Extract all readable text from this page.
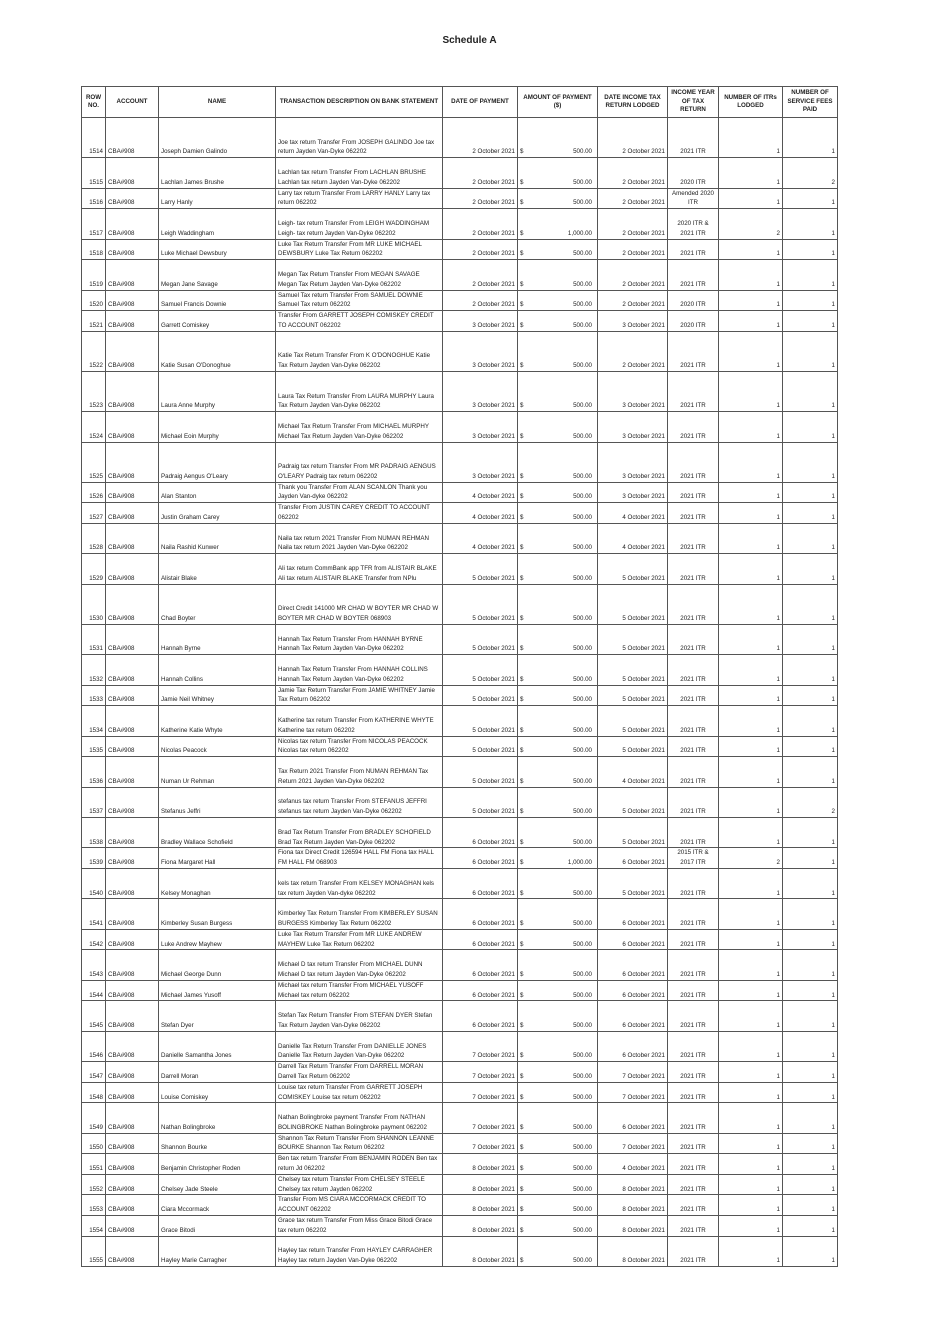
Schedule A
ROW NO.	ACCOUNT	NAME	TRANSACTION DESCRIPTION ON BANK STATEMENT	DATE OF PAYMENT	AMOUNT OF PAYMENT ($)	DATE INCOME TAX RETURN LODGED	INCOME YEAR OF TAX RETURN	NUMBER OF ITRs LODGED	NUMBER OF SERVICE FEES PAID
1514	CBA#908	Joseph Damien Galindo	Joe tax return Transfer From JOSEPH GALINDO Joe tax return Jayden Van-Dyke 062202	2 October 2021	$ 500.00	2 October 2021	2021 ITR	1	1
1515	CBA#908	Lachlan James Brushe	Lachlan tax return Transfer From LACHLAN BRUSHE Lachlan tax return Jayden Van-Dyke 062202	2 October 2021	$ 500.00	2 October 2021	2020 ITR	1	2
1516	CBA#908	Larry Hanly	Larry tax return Transfer From LARRY HANLY Larry tax return 062202	2 October 2021	$ 500.00	2 October 2021	Amended 2020 ITR	1	1
1517	CBA#908	Leigh Waddingham	Leigh- tax return Transfer From LEIGH WADDINGHAM Leigh- tax return Jayden Van-Dyke 062202	2 October 2021	$ 1,000.00	2 October 2021	2020 ITR & 2021 ITR	2	1
1518	CBA#908	Luke Michael Dewsbury	Luke Tax Return Transfer From MR LUKE MICHAEL DEWSBURY Luke Tax Return 062202	2 October 2021	$ 500.00	2 October 2021	2021 ITR	1	1
1519	CBA#908	Megan Jane Savage	Megan Tax Return Transfer From MEGAN SAVAGE Megan Tax Return Jayden Van-Dyke 062202	2 October 2021	$ 500.00	2 October 2021	2021 ITR	1	1
1520	CBA#908	Samuel Francis Downie	Samuel Tax return Transfer From SAMUEL DOWNIE Samuel Tax return 062202	2 October 2021	$ 500.00	2 October 2021	2020 ITR	1	1
1521	CBA#908	Garrett Comiskey	Transfer From GARRETT JOSEPH COMISKEY CREDIT TO ACCOUNT 062202	3 October 2021	$ 500.00	3 October 2021	2020 ITR	1	1
1522	CBA#908	Katie Susan O'Donoghue	Katie Tax Return Transfer From K O'DONOGHUE Katie Tax Return Jayden Van-Dyke 062202	3 October 2021	$ 500.00	2 October 2021	2021 ITR	1	1
1523	CBA#908	Laura Anne Murphy	Laura Tax Return Transfer From LAURA MURPHY Laura Tax Return Jayden Van-Dyke 062202	3 October 2021	$ 500.00	3 October 2021	2021 ITR	1	1
1524	CBA#908	Michael Eoin Murphy	Michael Tax Return Transfer From MICHAEL MURPHY Michael Tax Return Jayden Van-Dyke 062202	3 October 2021	$ 500.00	3 October 2021	2021 ITR	1	1
1525	CBA#908	Padraig Aengus O'Leary	Padraig tax return Transfer From MR PADRAIG AENGUS O'LEARY Padraig tax return 062202	3 October 2021	$ 500.00	3 October 2021	2021 ITR	1	1
1526	CBA#908	Alan Stanton	Thank you Transfer From ALAN SCANLON Thank you Jayden Van-dyke 062202	4 October 2021	$ 500.00	3 October 2021	2021 ITR	1	1
1527	CBA#908	Justin Graham Carey	Transfer From JUSTIN CAREY CREDIT TO ACCOUNT 062202	4 October 2021	$ 500.00	4 October 2021	2021 ITR	1	1
1528	CBA#908	Naila Rashid Kunwer	Naila tax return 2021 Transfer From NUMAN REHMAN Naila tax return 2021 Jayden Van-Dyke 062202	4 October 2021	$ 500.00	4 October 2021	2021 ITR	1	1
1529	CBA#908	Alistair Blake	Ali tax return CommBank app TFR from ALISTAIR BLAKE Ali tax return ALISTAIR BLAKE Transfer from NPlu	5 October 2021	$ 500.00	5 October 2021	2021 ITR	1	1
1530	CBA#908	Chad Boyter	Direct Credit 141000 MR CHAD W BOYTER MR CHAD W BOYTER MR CHAD W BOYTER 068903	5 October 2021	$ 500.00	5 October 2021	2021 ITR	1	1
1531	CBA#908	Hannah Byrne	Hannah Tax Return Transfer From HANNAH BYRNE Hannah Tax Return Jayden Van-Dyke 062202	5 October 2021	$ 500.00	5 October 2021	2021 ITR	1	1
1532	CBA#908	Hannah Collins	Hannah Tax Return Transfer From HANNAH COLLINS Hannah Tax Return Jayden Van-Dyke 062202	5 October 2021	$ 500.00	5 October 2021	2021 ITR	1	1
1533	CBA#908	Jamie Neil Whitney	Jamie Tax Return Transfer From JAMIE WHITNEY Jamie Tax Return 062202	5 October 2021	$ 500.00	5 October 2021	2021 ITR	1	1
1534	CBA#908	Katherine Katie Whyte	Katherine tax return Transfer From KATHERINE WHYTE Katherine tax return 062202	5 October 2021	$ 500.00	5 October 2021	2021 ITR	1	1
1535	CBA#908	Nicolas Peacock	Nicolas tax return Transfer From NICOLAS PEACOCK Nicolas tax return 062202	5 October 2021	$ 500.00	5 October 2021	2021 ITR	1	1
1536	CBA#908	Numan Ur Rehman	Tax Return 2021 Transfer From NUMAN REHMAN Tax Return 2021 Jayden Van-Dyke 062202	5 October 2021	$ 500.00	4 October 2021	2021 ITR	1	1
1537	CBA#908	Stefanus Jeffri	stefanus tax return Transfer From STEFANUS JEFFRI stefanus tax return Jayden Van-Dyke 062202	5 October 2021	$ 500.00	5 October 2021	2021 ITR	1	2
1538	CBA#908	Bradley Wallace Schofield	Brad Tax Return Transfer From BRADLEY SCHOFIELD Brad Tax Return Jayden Van-Dyke 062202	6 October 2021	$ 500.00	5 October 2021	2021 ITR	1	1
1539	CBA#908	Fiona Margaret Hall	Fiona tax Direct Credit 126594 HALL FM Fiona tax HALL FM HALL FM 068903	6 October 2021	$ 1,000.00	6 October 2021	2015 ITR & 2017 ITR	2	1
1540	CBA#908	Kelsey Monaghan	kels tax return Transfer From KELSEY MONAGHAN kels tax return Jayden Van-dyke 062202	6 October 2021	$ 500.00	5 October 2021	2021 ITR	1	1
1541	CBA#908	Kimberley Susan Burgess	Kimberley Tax Return Transfer From KIMBERLEY SUSAN BURGESS Kimberley Tax Return 062202	6 October 2021	$ 500.00	6 October 2021	2021 ITR	1	1
1542	CBA#908	Luke Andrew Mayhew	Luke Tax Return Transfer From MR LUKE ANDREW MAYHEW Luke Tax Return 062202	6 October 2021	$ 500.00	6 October 2021	2021 ITR	1	1
1543	CBA#908	Michael George Dunn	Michael D tax return Transfer From MICHAEL DUNN Michael D tax return Jayden Van-Dyke 062202	6 October 2021	$ 500.00	6 October 2021	2021 ITR	1	1
1544	CBA#908	Michael James Yusoff	Michael tax return Transfer From MICHAEL YUSOFF Michael tax return 062202	6 October 2021	$ 500.00	6 October 2021	2021 ITR	1	1
1545	CBA#908	Stefan Dyer	Stefan Tax Return Transfer From STEFAN DYER Stefan Tax Return Jayden Van-Dyke 062202	6 October 2021	$ 500.00	6 October 2021	2021 ITR	1	1
1546	CBA#908	Danielle Samantha Jones	Danielle Tax Return Transfer From DANIELLE JONES Danielle Tax Return Jayden Van-Dyke 062202	7 October 2021	$ 500.00	6 October 2021	2021 ITR	1	1
1547	CBA#908	Darrell Moran	Darrell Tax Return Transfer From DARRELL MORAN Darrell Tax Return 062202	7 October 2021	$ 500.00	7 October 2021	2021 ITR	1	1
1548	CBA#908	Louise Comiskey	Louise tax return Transfer From GARRETT JOSEPH COMISKEY Louise tax return 062202	7 October 2021	$ 500.00	7 October 2021	2021 ITR	1	1
1549	CBA#908	Nathan Bolingbroke	Nathan Bolingbroke payment Transfer From NATHAN BOLINGBROKE Nathan Bolingbroke payment 062202	7 October 2021	$ 500.00	6 October 2021	2021 ITR	1	1
1550	CBA#908	Shannon Bourke	Shannon Tax Return Transfer From SHANNON LEANNE BOURKE Shannon Tax Return 062202	7 October 2021	$ 500.00	7 October 2021	2021 ITR	1	1
1551	CBA#908	Benjamin Christopher Roden	Ben tax return Transfer From BENJAMIN RODEN Ben tax return Jd 062202	8 October 2021	$ 500.00	4 October 2021	2021 ITR	1	1
1552	CBA#908	Chelsey Jade Steele	Chelsey tax return Transfer From CHELSEY STEELE Chelsey tax return Jayden 062202	8 October 2021	$ 500.00	8 October 2021	2021 ITR	1	1
1553	CBA#908	Ciara Mccormack	Transfer From MS CIARA MCCORMACK CREDIT TO ACCOUNT 062202	8 October 2021	$ 500.00	8 October 2021	2021 ITR	1	1
1554	CBA#908	Grace Bitodi	Grace tax return Transfer From Miss Grace Bitodi Grace tax return 062202	8 October 2021	$ 500.00	8 October 2021	2021 ITR	1	1
1555	CBA#908	Hayley Marie Carragher	Hayley tax return Transfer From HAYLEY CARRAGHER Hayley tax return Jayden Van-Dyke 062202	8 October 2021	$ 500.00	8 October 2021	2021 ITR	1	1
